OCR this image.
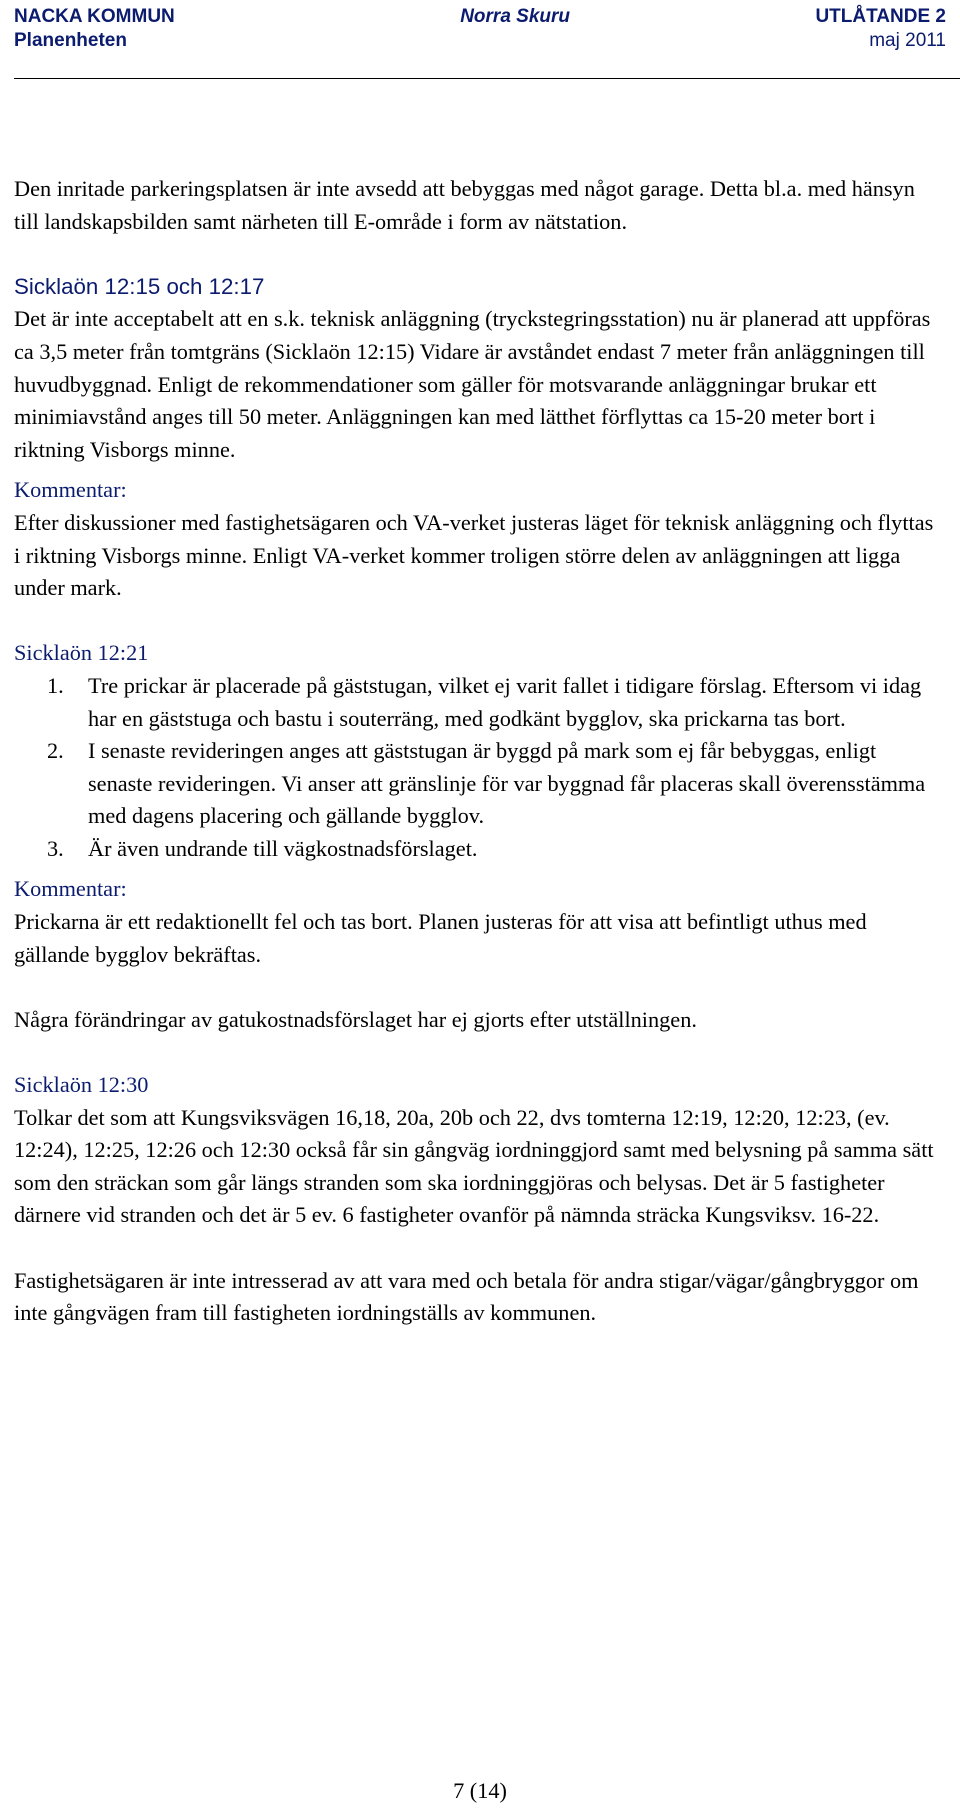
NACKA KOMMUN	Norra Skuru	UTLÅTANDE 2
Planenheten	maj 2011

Den inritade parkeringsplatsen är inte avsedd att bebyggas med något garage. Detta bl.a. med hänsyn till landskapsbilden samt närheten till E-område i form av nätstation.

Sicklaön 12:15 och 12:17

Det är inte acceptabelt att en s.k. teknisk anläggning (tryckstegringsstation) nu är planerad att uppföras ca 3,5 meter från tomtgräns (Sicklaön 12:15) Vidare är avståndet endast 7 meter från anläggningen till huvudbyggnad. Enligt de rekommendationer som gäller för motsvarande anläggningar brukar ett minimiavstånd anges till 50 meter. Anläggningen kan med lätthet förflyttas ca 15-20 meter bort i riktning Visborgs minne.

Kommentar:

Efter diskussioner med fastighetsägaren och VA-verket justeras läget för teknisk anläggning och flyttas i riktning Visborgs minne. Enligt VA-verket kommer troligen större delen av anläggningen att ligga under mark.

Sicklaön 12:21

1. Tre prickar är placerade på gäststugan, vilket ej varit fallet i tidigare förslag. Eftersom vi idag har en gäststuga och bastu i souterräng, med godkänt bygglov, ska prickarna tas bort.
2. I senaste revideringen anges att gäststugan är byggd på mark som ej får bebyggas, enligt senaste revideringen. Vi anser att gränslinje för var byggnad får placeras skall överensstämma med dagens placering och gällande bygglov.
3. Är även undrande till vägkostnadsförslaget.

Kommentar:

Prickarna är ett redaktionellt fel och tas bort. Planen justeras för att visa att befintligt uthus med gällande bygglov bekräftas.

Några förändringar av gatukostnadsförslaget har ej gjorts efter utställningen.

Sicklaön 12:30

Tolkar det som att Kungsviksvägen 16,18, 20a, 20b och 22, dvs tomterna 12:19, 12:20, 12:23, (ev. 12:24), 12:25, 12:26 och 12:30 också får sin gångväg iordninggjord samt med belysning på samma sätt som den sträckan som går längs stranden som ska iordninggjöras och belysas. Det är 5 fastigheter därnere vid stranden och det är 5 ev. 6 fastigheter ovanför på nämnda sträcka Kungsviksv. 16-22.

Fastighetsägaren är inte intresserad av att vara med och betala för andra stigar/vägar/gångbryggor om inte gångvägen fram till fastigheten iordningställs av kommunen.

7 (14)
